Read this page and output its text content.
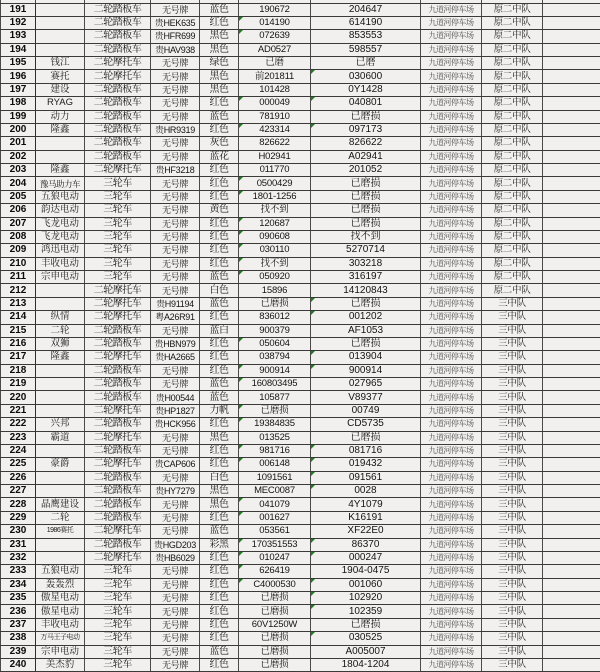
191		二轮踏板车	无号牌	蓝色	190672	204647	九道河停车场	原二中队	
192		二轮踏板车	贵HEK635	红色	014190	614190	九道河停车场	原二中队	
193		二轮踏板车	贵HFR699	黑色	072639	853553	九道河停车场	原二中队	
194		二轮踏板车	贵HAV938	黑色	AD0527	598557	九道河停车场	原二中队	
195	钱江	二轮摩托车	无号牌	绿色	已磨	已磨	九道河停车场	原二中队	
196	赛托	二轮摩托车	无号牌	黑色	前201811	030600	九道河停车场	原二中队	
197	建设	二轮踏板车	无号牌	黑色	101428	0Y1428	九道河停车场	原二中队	
198	RYAG	二轮踏板车	无号牌	红色	000049	040801	九道河停车场	原二中队	
199	动力	二轮踏板车	无号牌	蓝色	781910	已磨损	九道河停车场	原二中队	
200	隆鑫	二轮踏板车	贵HR9319	红色	423314	097173	九道河停车场	原二中队	
201		二轮踏板车	无号牌	灰色	826622	826622	九道河停车场	原二中队	
202		二轮踏板车	无号牌	蓝花	H02941	A02941	九道河停车场	原二中队	
203	隆鑫	二轮摩托车	贵HF3218	红色	011770	201052	九道河停车场	原二中队	
204	豫马助力车	三轮车	无号牌	红色	0500429	已磨损	九道河停车场	原二中队	
205	五狼电动	三轮车	无号牌	红色	1801-1256	已磨损	九道河停车场	原二中队	
206	韵达电动	三轮车	无号牌	黄色	找不到	已磨损	九道河停车场	原二中队	
207	飞龙电动	三轮车	无号牌	红色	120687	已磨损	九道河停车场	原二中队	
208	飞龙电动	三轮车	无号牌	红色	090608	找不到	九道河停车场	原二中队	
209	鸿迅电动	三轮车	无号牌	红色	030110	5270714	九道河停车场	原二中队	
210	丰收电动	三轮车	无号牌	红色	找不到	303218	九道河停车场	原二中队	
211	宗申电动	三轮车	无号牌	蓝色	050920	316197	九道河停车场	原二中队	
212		二轮摩托车	无号牌	白色	15896	14120843	九道河停车场	原二中队	
213		二轮摩托车	贵H91194	蓝色	已磨损	已磨损	九道河停车场	三中队	
214	纵情	二轮摩托车	粤A26R91	红色	836012	001202	九道河停车场	三中队	
215	二轮	二轮踏板车	无号牌	蓝白	900379	AF1053	九道河停车场	三中队	
216	双狮	二轮踏板车	贵HBN979	红色	050604	已磨损	九道河停车场	三中队	
217	隆鑫	二轮摩托车	贵HA2665	红色	038794	013904	九道河停车场	三中队	
218		二轮踏板车	无号牌	红色	900914	900914	九道河停车场	三中队	
219		二轮踏板车	无号牌	蓝色	160803495	027965	九道河停车场	三中队	
220		二轮踏板车	贵H00544	蓝色	105877	V89377	九道河停车场	三中队	
221		二轮摩托车	贵HP1827	力帆	已磨损	00749	九道河停车场	三中队	
222	兴邦	二轮踏板车	贵HCK956	红色	19384835	CD5735	九道河停车场	三中队	
223	霸道	二轮摩托车	无号牌	黑色	013525	已磨损	九道河停车场	三中队	
224		二轮踏板车	无号牌	红色	981716	081716	九道河停车场	三中队	
225	豪爵	二轮摩托车	贵CAP606	红色	006148	019432	九道河停车场	三中队	
226		二轮踏板车	无号牌	白色	1091561	091561	九道河停车场	三中队	
227		二轮踏板车	贵HY7279	黑色	MEC0087	0028	九道河停车场	三中队	
228	晶鹰建设	二轮踏板车	无号牌	黑色	041079	4Y1079	九道河停车场	三中队	
229	二轮	二轮踏板车	无号牌	红色	001627	K16191	九道河停车场	三中队	
230	1986赛托	二轮摩托车	无号牌	蓝色	053561	XF22E0	九道河停车场	三中队	
231		二轮踏板车	贵HGD203	彩黑	170351553	86370	九道河停车场	三中队	
232		二轮摩托车	贵HB6029	红色	010247	000247	九道河停车场	三中队	
233	五狼电动	三轮车	无号牌	红色	626419	1904-0475	九道河停车场	三中队	
234	轰轰烈	三轮车	无号牌	红色	C4000530	001060	九道河停车场	三中队	
235	傲星电动	三轮车	无号牌	红色	已磨损	102920	九道河停车场	三中队	
236	傲星电动	三轮车	无号牌	红色	已磨损	102359	九道河停车场	三中队	
237	丰收电动	三轮车	无号牌	红色	60V1250W	已磨损	九道河停车场	三中队	
238	万马王子电动	三轮车	无号牌	红色	已磨损	030525	九道河停车场	三中队	
239	宗申电动	三轮车	无号牌	蓝色	已磨损	A005007	九道河停车场	三中队	
240	美杰豹	三轮车	无号牌	红色	已磨损	1804-1204	九道河停车场	三中队	
